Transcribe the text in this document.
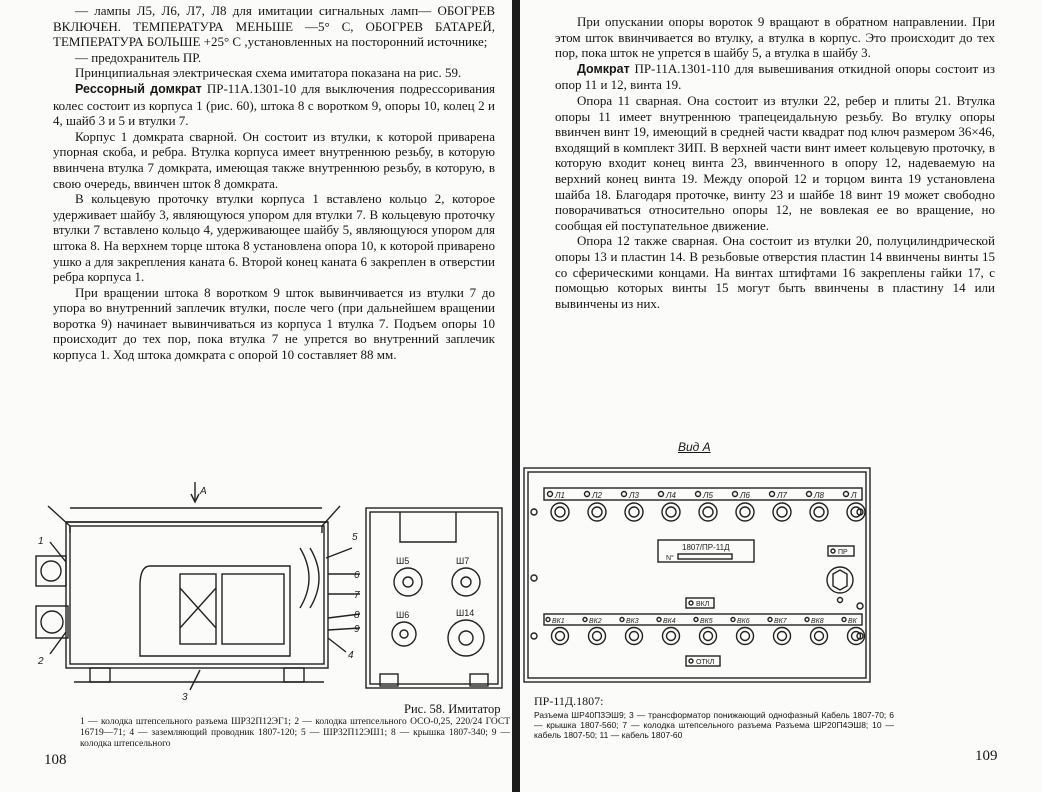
— лампы Л5, Л6, Л7, Л8 для имитации сигнальных ламп— ОБОГРЕВ ВКЛЮЧЕН. ТЕМПЕРАТУРА МЕНЬШЕ —5° С, ОБОГРЕВ БАТАРЕЙ, ТЕМПЕРАТУРА БОЛЬШЕ +25° С ,установленных на посторонний источнике;

— предохранитель ПР.

Принципиальная электрическая схема имитатора показана на рис. 59.

Рессорный домкрат ПР-11А.1301-10 для выключения подрессоривания колес состоит из корпуса 1 (рис. 60), штока 8 с воротком 9, опоры 10, колец 2 и 4, шайб 3 и 5 и втулки 7.

Корпус 1 домкрата сварной. Он состоит из втулки, к которой приварена упорная скоба, и ребра. Втулка корпуса имеет внутреннюю резьбу, в которую ввинчена втулка 7 домкрата, имеющая также внутреннюю резьбу, в которую, в свою очередь, ввинчен шток 8 домкрата.

В кольцевую проточку втулки корпуса 1 вставлено кольцо 2, которое удерживает шайбу 3, являющуюся упором для втулки 7. В кольцевую проточку втулки 7 вставлено кольцо 4, удерживающее шайбу 5, являющуюся упором для штока 8. На верхнем торце штока 8 установлена опора 10, к которой приварено ушко а для закрепления каната 6. Второй конец каната 6 закреплен в отверстии ребра корпуса 1.

При вращении штока 8 воротком 9 шток вывинчивается из втулки 7 до упора во внутренний заплечик втулки, после чего (при дальнейшем вращении воротка 9) начинает вывинчиваться из корпуса 1 втулка 7. Подъем опоры 10 происходит до тех пор, пока втулка 7 не упрется во внутренний заплечик корпуса 1. Ход штока домкрата с опорой 10 составляет 88 мм.

А
1
2
3
4
5
6
7
8
9
Ш5
Ш6
Ш7
Ш14
Рис. 58. Имитатор
1 — колодка штепсельного разъема ШР32П12ЭГ1; 2 — колодка штепсельного ОСО-0,25, 220/24 ГОСТ 16719—71; 4 — заземляющий проводник 1807-120; 5 — ШР32П12ЭШ1; 8 — крышка 1807-340; 9 — колодка штепсельного
108

При опускании опоры вороток 9 вращают в обратном направлении. При этом шток ввинчивается во втулку, а втулка в корпус. Это происходит до тех пор, пока шток не упрется в шайбу 5, а втулка в шайбу 3.

Домкрат ПР-11А.1301-110 для вывешивания откидной опоры состоит из опор 11 и 12, винта 19.

Опора 11 сварная. Она состоит из втулки 22, ребер и плиты 21. Втулка опоры 11 имеет внутреннюю трапецеидальную резьбу. Во втулку опоры ввинчен винт 19, имеющий в средней части квадрат под ключ размером 36×46, входящий в комплект ЗИП. В верхней части винт имеет кольцевую проточку, в которую входит конец винта 23, ввинченного в опору 12, надеваемую на верхний конец винта 19. Между опорой 12 и торцом винта 19 установлена шайба 18. Благодаря проточке, винту 23 и шайбе 18 винт 19 может свободно поворачиваться относительно опоры 12, не вовлекая ее во вращение, но сообщая ей поступательное движение.

Опора 12 также сварная. Она состоит из втулки 20, полуцилиндрической опоры 13 и пластин 14. В резьбовые отверстия пластин 14 ввинчены винты 15 со сферическими концами. На винтах штифтами 16 закреплены гайки 17, с помощью которых винты 15 могут быть ввинчены в пластину 14 или вывинчены из них.

Вид А
Л1	Л2	Л3	Л4	Л5	Л6	Л7	Л8	Л
1807/ПР-11Д
N°
ПР
ВКЛ
ВК1	ВК2	ВК3	ВК4	ВК5	ВК6	ВК7	ВК8	ВК
ОТКЛ
ПР-11Д.1807:
Разъема ШР40П3ЭШ9; 3 — трансформатор понижающий однофазный Кабель 1807-70; 6 — крышка 1807-560; 7 — колодка штепсельного разъема Разъема ШР20П4ЭШ8; 10 — кабель 1807-50; 11 — кабель 1807-60
109
